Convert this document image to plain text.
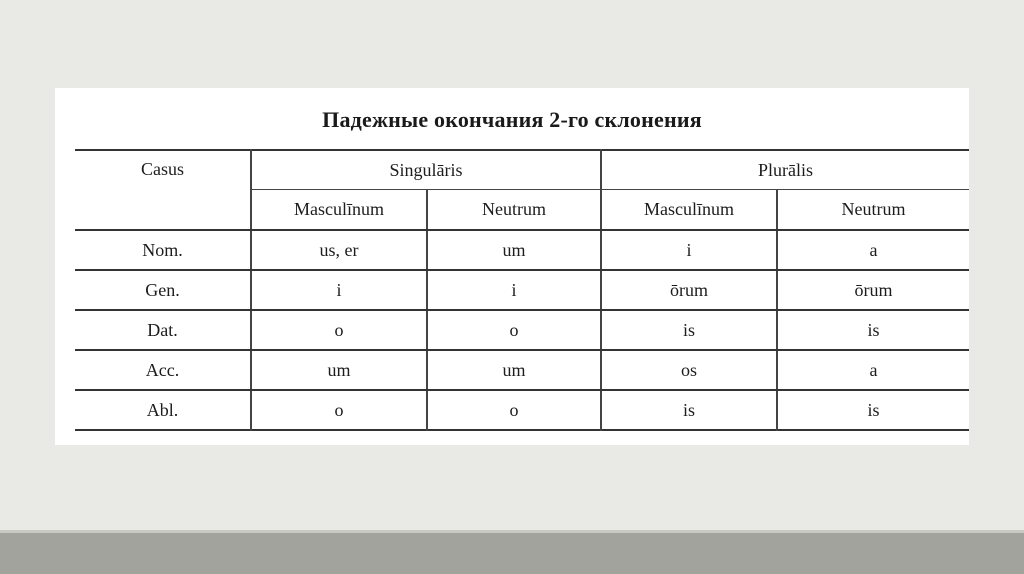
Падежные окончания 2-го склонения
Casus	Singulāris		Plurālis	
	Masculīnum	Neutrum	Masculīnum	Neutrum
Nom.	us, er	um	i	a
Gen.	i	i	ōrum	ōrum
Dat.	o	o	is	is
Acc.	um	um	os	a
Abl.	o	o	is	is
